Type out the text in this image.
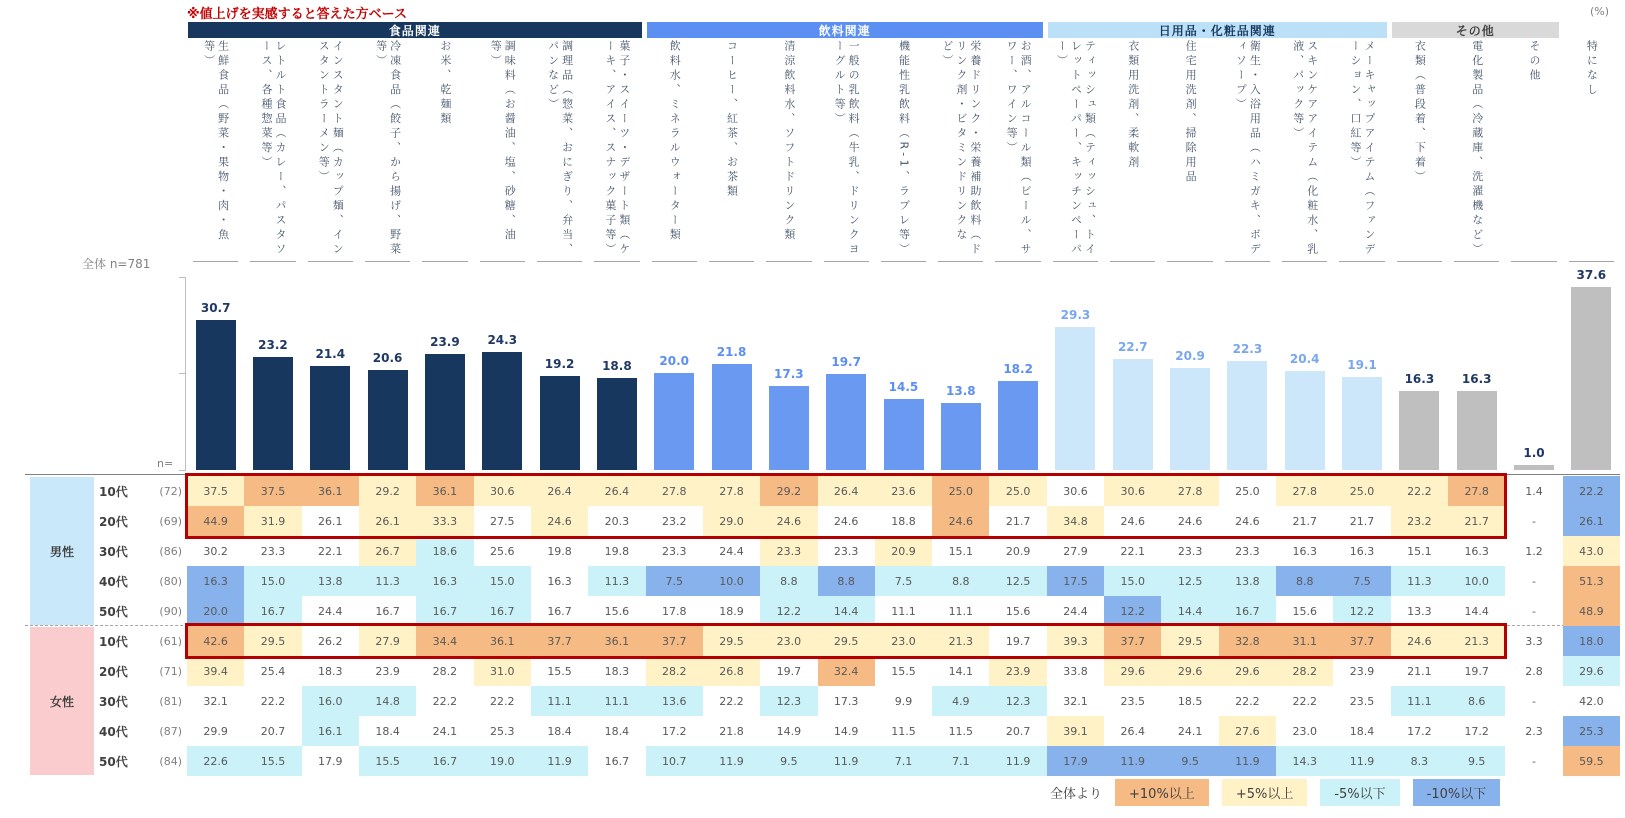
※値上げを実感すると答えた方ベース	(%)
全体 n=781
n=
全体より	+10%以上	+5%以上	-5%以下	-10%以下
食品関連	飲料関連	日用品・化粧品関連	その他
生鮮食品（野菜・果物・肉・魚等）	レトルト食品（カレー、パスタソース、各種惣菜等）	インスタント麺（カップ麺、インスタントラーメン等）	冷凍食品（餃子、から揚げ、野菜等）	お米、乾麺類	調味料（お醤油、塩、砂糖、油等）	調理品（惣菜、おにぎり、弁当、パンなど）	菓子・スイーツ・デザート類（ケーキ、アイス、スナック菓子等）	飲料水、ミネラルウォーター類	コーヒー、紅茶、お茶類	清涼飲料水、ソフトドリンク類	一般の乳飲料（牛乳、ドリンクヨーグルト等）	機能性乳飲料（R-1、ラブレ等）	栄養ドリンク・栄養補助飲料（ドリンク剤・ビタミンドリンクなど）	お酒、アルコール類（ビール、サワー、ワイン等）	ティッシュ類（ティッシュ、トイレットペーパー、キッチンペーパー）	衣類用洗剤、柔軟剤	住宅用洗剤、掃除用品	衛生・入浴用品（ハミガキ、ボディソープ）	スキンケアアイテム（化粧水、乳液、パック等）	メーキャップアイテム（ファンデーション、口紅等）	衣類（普段着、下着）	電化製品（冷蔵庫、洗濯機など）	その他	特になし
30.7
23.2
21.4	20.6
23.9	24.3
19.2	18.8	20.0
21.8
17.3
19.7
14.5	13.8
18.2
29.3
22.7
20.9	22.3
20.4	19.1
16.3	16.3
1.0
37.6
10代	(72)	37.5	37.5	36.1	29.2	36.1	30.6	26.4	26.4	27.8	27.8	29.2	26.4	23.6	25.0	25.0	30.6	30.6	27.8	25.0	27.8	25.0	22.2	27.8	1.4	22.2
20代	(69)	44.9	31.9	26.1	26.1	33.3	27.5	24.6	20.3	23.2	29.0	24.6	24.6	18.8	24.6	21.7	34.8	24.6	24.6	24.6	21.7	21.7	23.2	21.7	-	26.1
30代	(86)	30.2	23.3	22.1	26.7	18.6	25.6	19.8	19.8	23.3	24.4	23.3	23.3	20.9	15.1	20.9	27.9	22.1	23.3	23.3	16.3	16.3	15.1	16.3	1.2	43.0
40代	(80)	16.3	15.0	13.8	11.3	16.3	15.0	16.3	11.3	7.5	10.0	8.8	8.8	7.5	8.8	12.5	17.5	15.0	12.5	13.8	8.8	7.5	11.3	10.0	-	51.3
50代	(90)	20.0	16.7	24.4	16.7	16.7	16.7	16.7	15.6	17.8	18.9	12.2	14.4	11.1	11.1	15.6	24.4	12.2	14.4	16.7	15.6	12.2	13.3	14.4	-	48.9
10代	(61)	42.6	29.5	26.2	27.9	34.4	36.1	37.7	36.1	37.7	29.5	23.0	29.5	23.0	21.3	19.7	39.3	37.7	29.5	32.8	31.1	37.7	24.6	21.3	3.3	18.0
20代	(71)	39.4	25.4	18.3	23.9	28.2	31.0	15.5	18.3	28.2	26.8	19.7	32.4	15.5	14.1	23.9	33.8	29.6	29.6	29.6	28.2	23.9	21.1	19.7	2.8	29.6
30代	(81)	32.1	22.2	16.0	14.8	22.2	22.2	11.1	11.1	13.6	22.2	12.3	17.3	9.9	4.9	12.3	32.1	23.5	18.5	22.2	22.2	23.5	11.1	8.6	-	42.0
40代	(87)	29.9	20.7	16.1	18.4	24.1	25.3	18.4	18.4	17.2	21.8	14.9	14.9	11.5	11.5	20.7	39.1	26.4	24.1	27.6	23.0	18.4	17.2	17.2	2.3	25.3
50代	(84)	22.6	15.5	17.9	15.5	16.7	19.0	11.9	16.7	10.7	11.9	9.5	11.9	7.1	7.1	11.9	17.9	11.9	9.5	11.9	14.3	11.9	8.3	9.5	-	59.5
男性
女性
